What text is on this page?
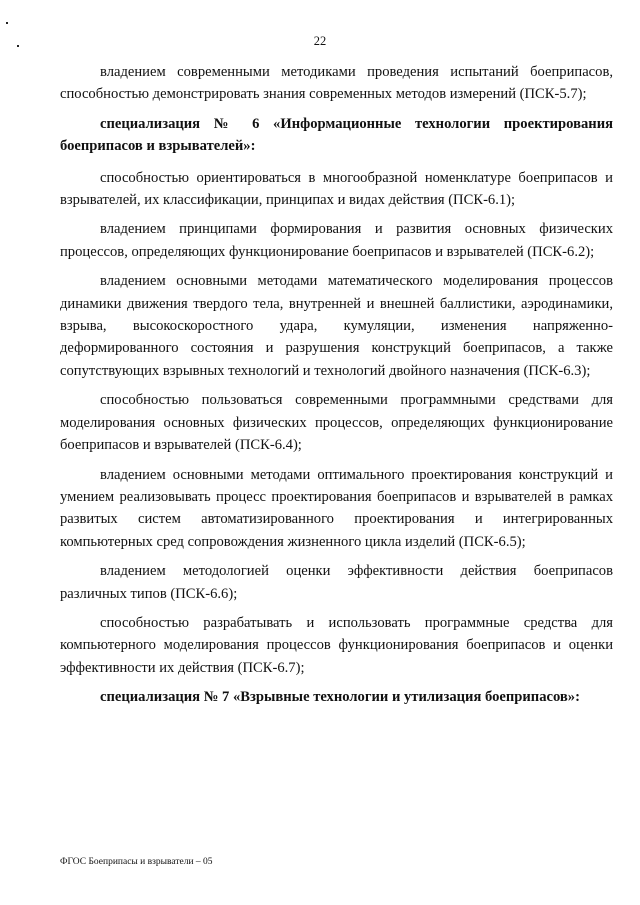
22

владением современными методиками проведения испытаний боеприпасов, способностью демонстрировать знания современных методов измерений (ПСК-5.7);

специализация № 6 «Информационные технологии проектирования боеприпасов и взрывателей»:

способностью ориентироваться в многообразной номенклатуре боеприпасов и взрывателей, их классификации, принципах и видах действия (ПСК-6.1);

владением принципами формирования и развития основных физических процессов, определяющих функционирование боеприпасов и взрывателей (ПСК-6.2);

владением основными методами математического моделирования процессов динамики движения твердого тела, внутренней и внешней баллистики, аэродинамики, взрыва, высокоскоростного удара, кумуляции, изменения напряженно-деформированного состояния и разрушения конструкций боеприпасов, а также сопутствующих взрывных технологий и технологий двойного назначения (ПСК-6.3);

способностью пользоваться современными программными средствами для моделирования основных физических процессов, определяющих функционирование боеприпасов и взрывателей (ПСК-6.4);

владением основными методами оптимального проектирования конструкций и умением реализовывать процесс проектирования боеприпасов и взрывателей в рамках развитых систем автоматизированного проектирования и интегрированных компьютерных сред сопровождения жизненного цикла изделий (ПСК-6.5);

владением методологией оценки эффективности действия боеприпасов различных типов (ПСК-6.6);

способностью разрабатывать и использовать программные средства для компьютерного моделирования процессов функционирования боеприпасов и оценки эффективности их действия (ПСК-6.7);

специализация № 7 «Взрывные технологии и утилизация боеприпасов»:

ФГОС Боеприпасы и взрыватели – 05
